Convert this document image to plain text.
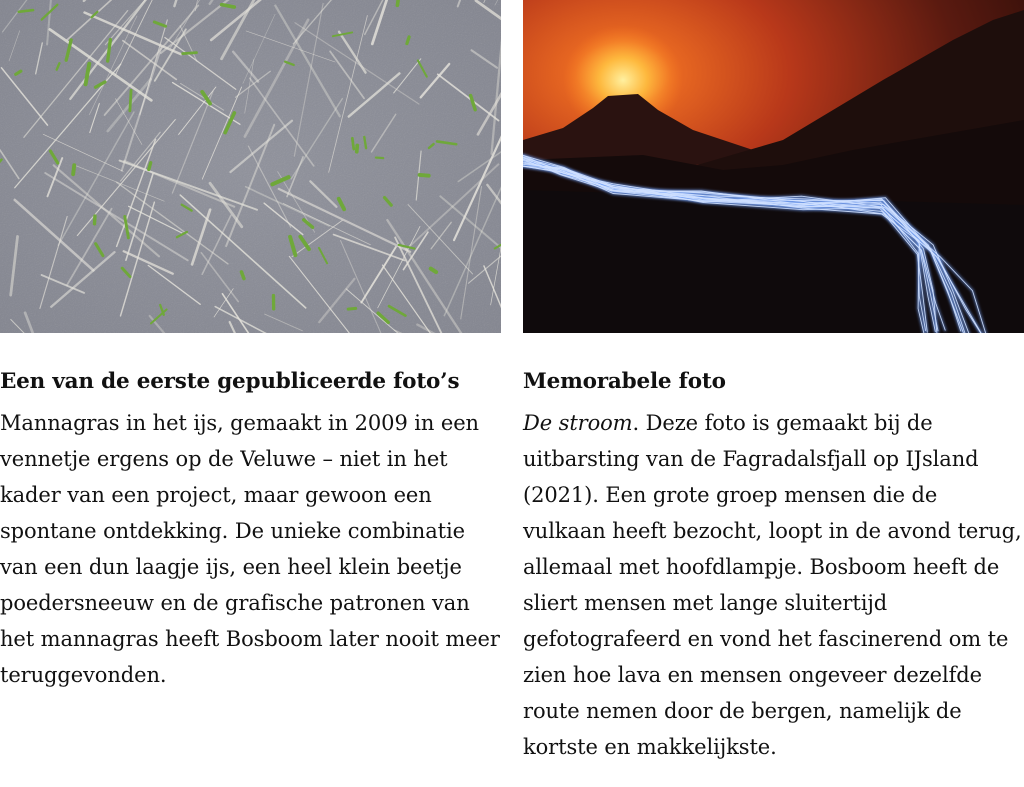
Een van de eerste gepubliceerde foto’s

Mannagras in het ijs, gemaakt in 2009 in een vennetje ergens op de Veluwe – niet in het kader van een project, maar gewoon een spontane ontdekking. De unieke combinatie van een dun laagje ijs, een heel klein beetje poedersneeuw en de grafische patronen van het mannagras heeft Bosboom later nooit meer teruggevonden.

Memorabele foto

De stroom. Deze foto is gemaakt bij de uitbarsting van de Fagradalsfjall op IJsland (2021). Een grote groep mensen die de vulkaan heeft bezocht, loopt in de avond terug, allemaal met hoofdlampje. Bosboom heeft de sliert mensen met lange sluitertijd gefotografeerd en vond het fascinerend om te zien hoe lava en mensen ongeveer dezelfde route nemen door de bergen, namelijk de kortste en makkelijkste.
